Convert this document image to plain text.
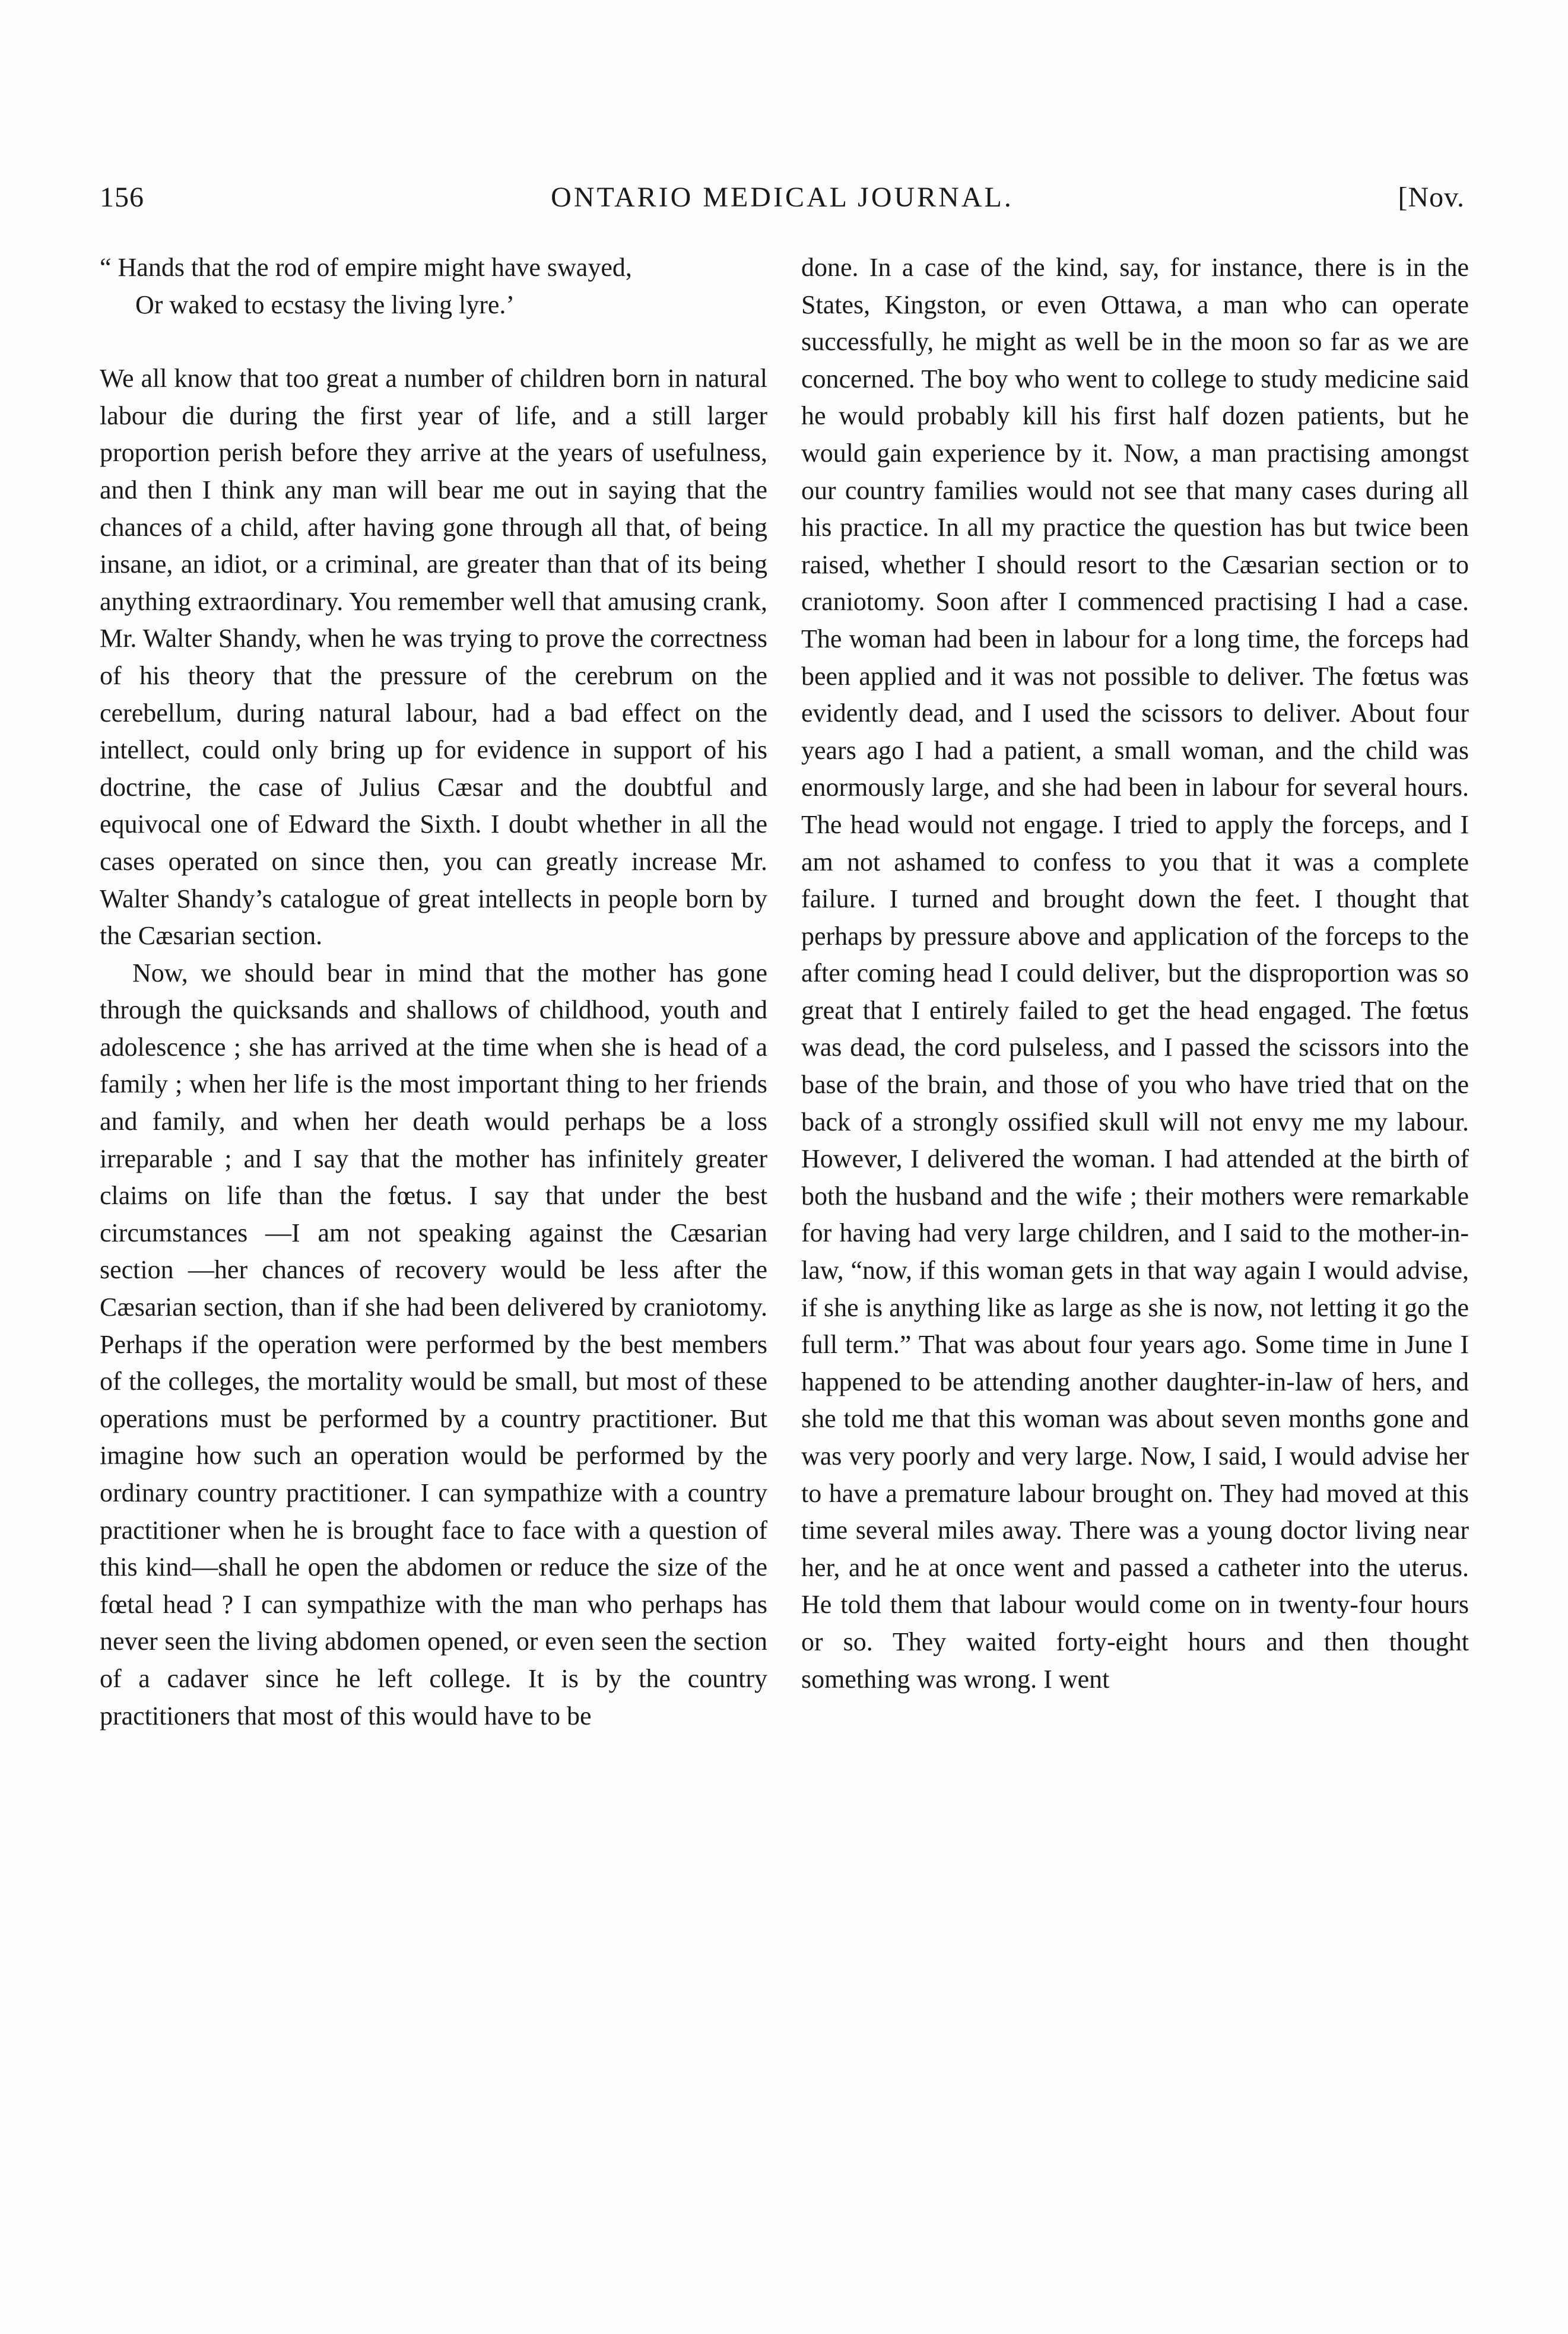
156	ONTARIO MEDICAL JOURNAL.	[Nov.
“ Hands that the rod of empire might have swayed,
Or waked to ecstasy the living lyre.’

We all know that too great a number of children born in natural labour die during the first year of life, and a still larger proportion perish before they arrive at the years of usefulness, and then I think any man will bear me out in saying that the chances of a child, after having gone through all that, of being insane, an idiot, or a criminal, are greater than that of its being anything extraordinary. You remember well that amusing crank, Mr. Walter Shandy, when he was trying to prove the correctness of his theory that the pressure of the cerebrum on the cerebellum, during natural labour, had a bad effect on the intellect, could only bring up for evidence in support of his doctrine, the case of Julius Cæsar and the doubtful and equivocal one of Edward the Sixth. I doubt whether in all the cases operated on since then, you can greatly increase Mr. Walter Shandy’s catalogue of great intellects in people born by the Cæsarian section.

Now, we should bear in mind that the mother has gone through the quicksands and shallows of childhood, youth and adolescence ; she has arrived at the time when she is head of a family ; when her life is the most important thing to her friends and family, and when her death would perhaps be a loss irreparable ; and I say that the mother has infinitely greater claims on life than the fœtus. I say that under the best circumstances —I am not speaking against the Cæsarian section —her chances of recovery would be less after the Cæsarian section, than if she had been delivered by craniotomy. Perhaps if the operation were performed by the best members of the colleges, the mortality would be small, but most of these operations must be performed by a country practitioner. But imagine how such an operation would be performed by the ordinary country practitioner. I can sympathize with a country practitioner when he is brought face to face with a question of this kind—shall he open the abdomen or reduce the size of the fœtal head ? I can sympathize with the man who perhaps has never seen the living abdomen opened, or even seen the section of a cadaver since he left college. It is by the country practitioners that most of this would have to be

done. In a case of the kind, say, for instance, there is in the States, Kingston, or even Ottawa, a man who can operate successfully, he might as well be in the moon so far as we are concerned. The boy who went to college to study medicine said he would probably kill his first half dozen patients, but he would gain experience by it. Now, a man practising amongst our country families would not see that many cases during all his practice. In all my practice the question has but twice been raised, whether I should resort to the Cæsarian section or to craniotomy. Soon after I commenced practising I had a case. The woman had been in labour for a long time, the forceps had been applied and it was not possible to deliver. The fœtus was evidently dead, and I used the scissors to deliver. About four years ago I had a patient, a small woman, and the child was enormously large, and she had been in labour for several hours. The head would not engage. I tried to apply the forceps, and I am not ashamed to confess to you that it was a complete failure. I turned and brought down the feet. I thought that perhaps by pressure above and application of the forceps to the after coming head I could deliver, but the disproportion was so great that I entirely failed to get the head engaged. The fœtus was dead, the cord pulseless, and I passed the scissors into the base of the brain, and those of you who have tried that on the back of a strongly ossified skull will not envy me my labour. However, I delivered the woman. I had attended at the birth of both the husband and the wife ; their mothers were remarkable for having had very large children, and I said to the mother-in-law, “now, if this woman gets in that way again I would advise, if she is anything like as large as she is now, not letting it go the full term.” That was about four years ago. Some time in June I happened to be attending another daughter-in-law of hers, and she told me that this woman was about seven months gone and was very poorly and very large. Now, I said, I would advise her to have a premature labour brought on. They had moved at this time several miles away. There was a young doctor living near her, and he at once went and passed a catheter into the uterus. He told them that labour would come on in twenty-four hours or so. They waited forty-eight hours and then thought something was wrong. I went
